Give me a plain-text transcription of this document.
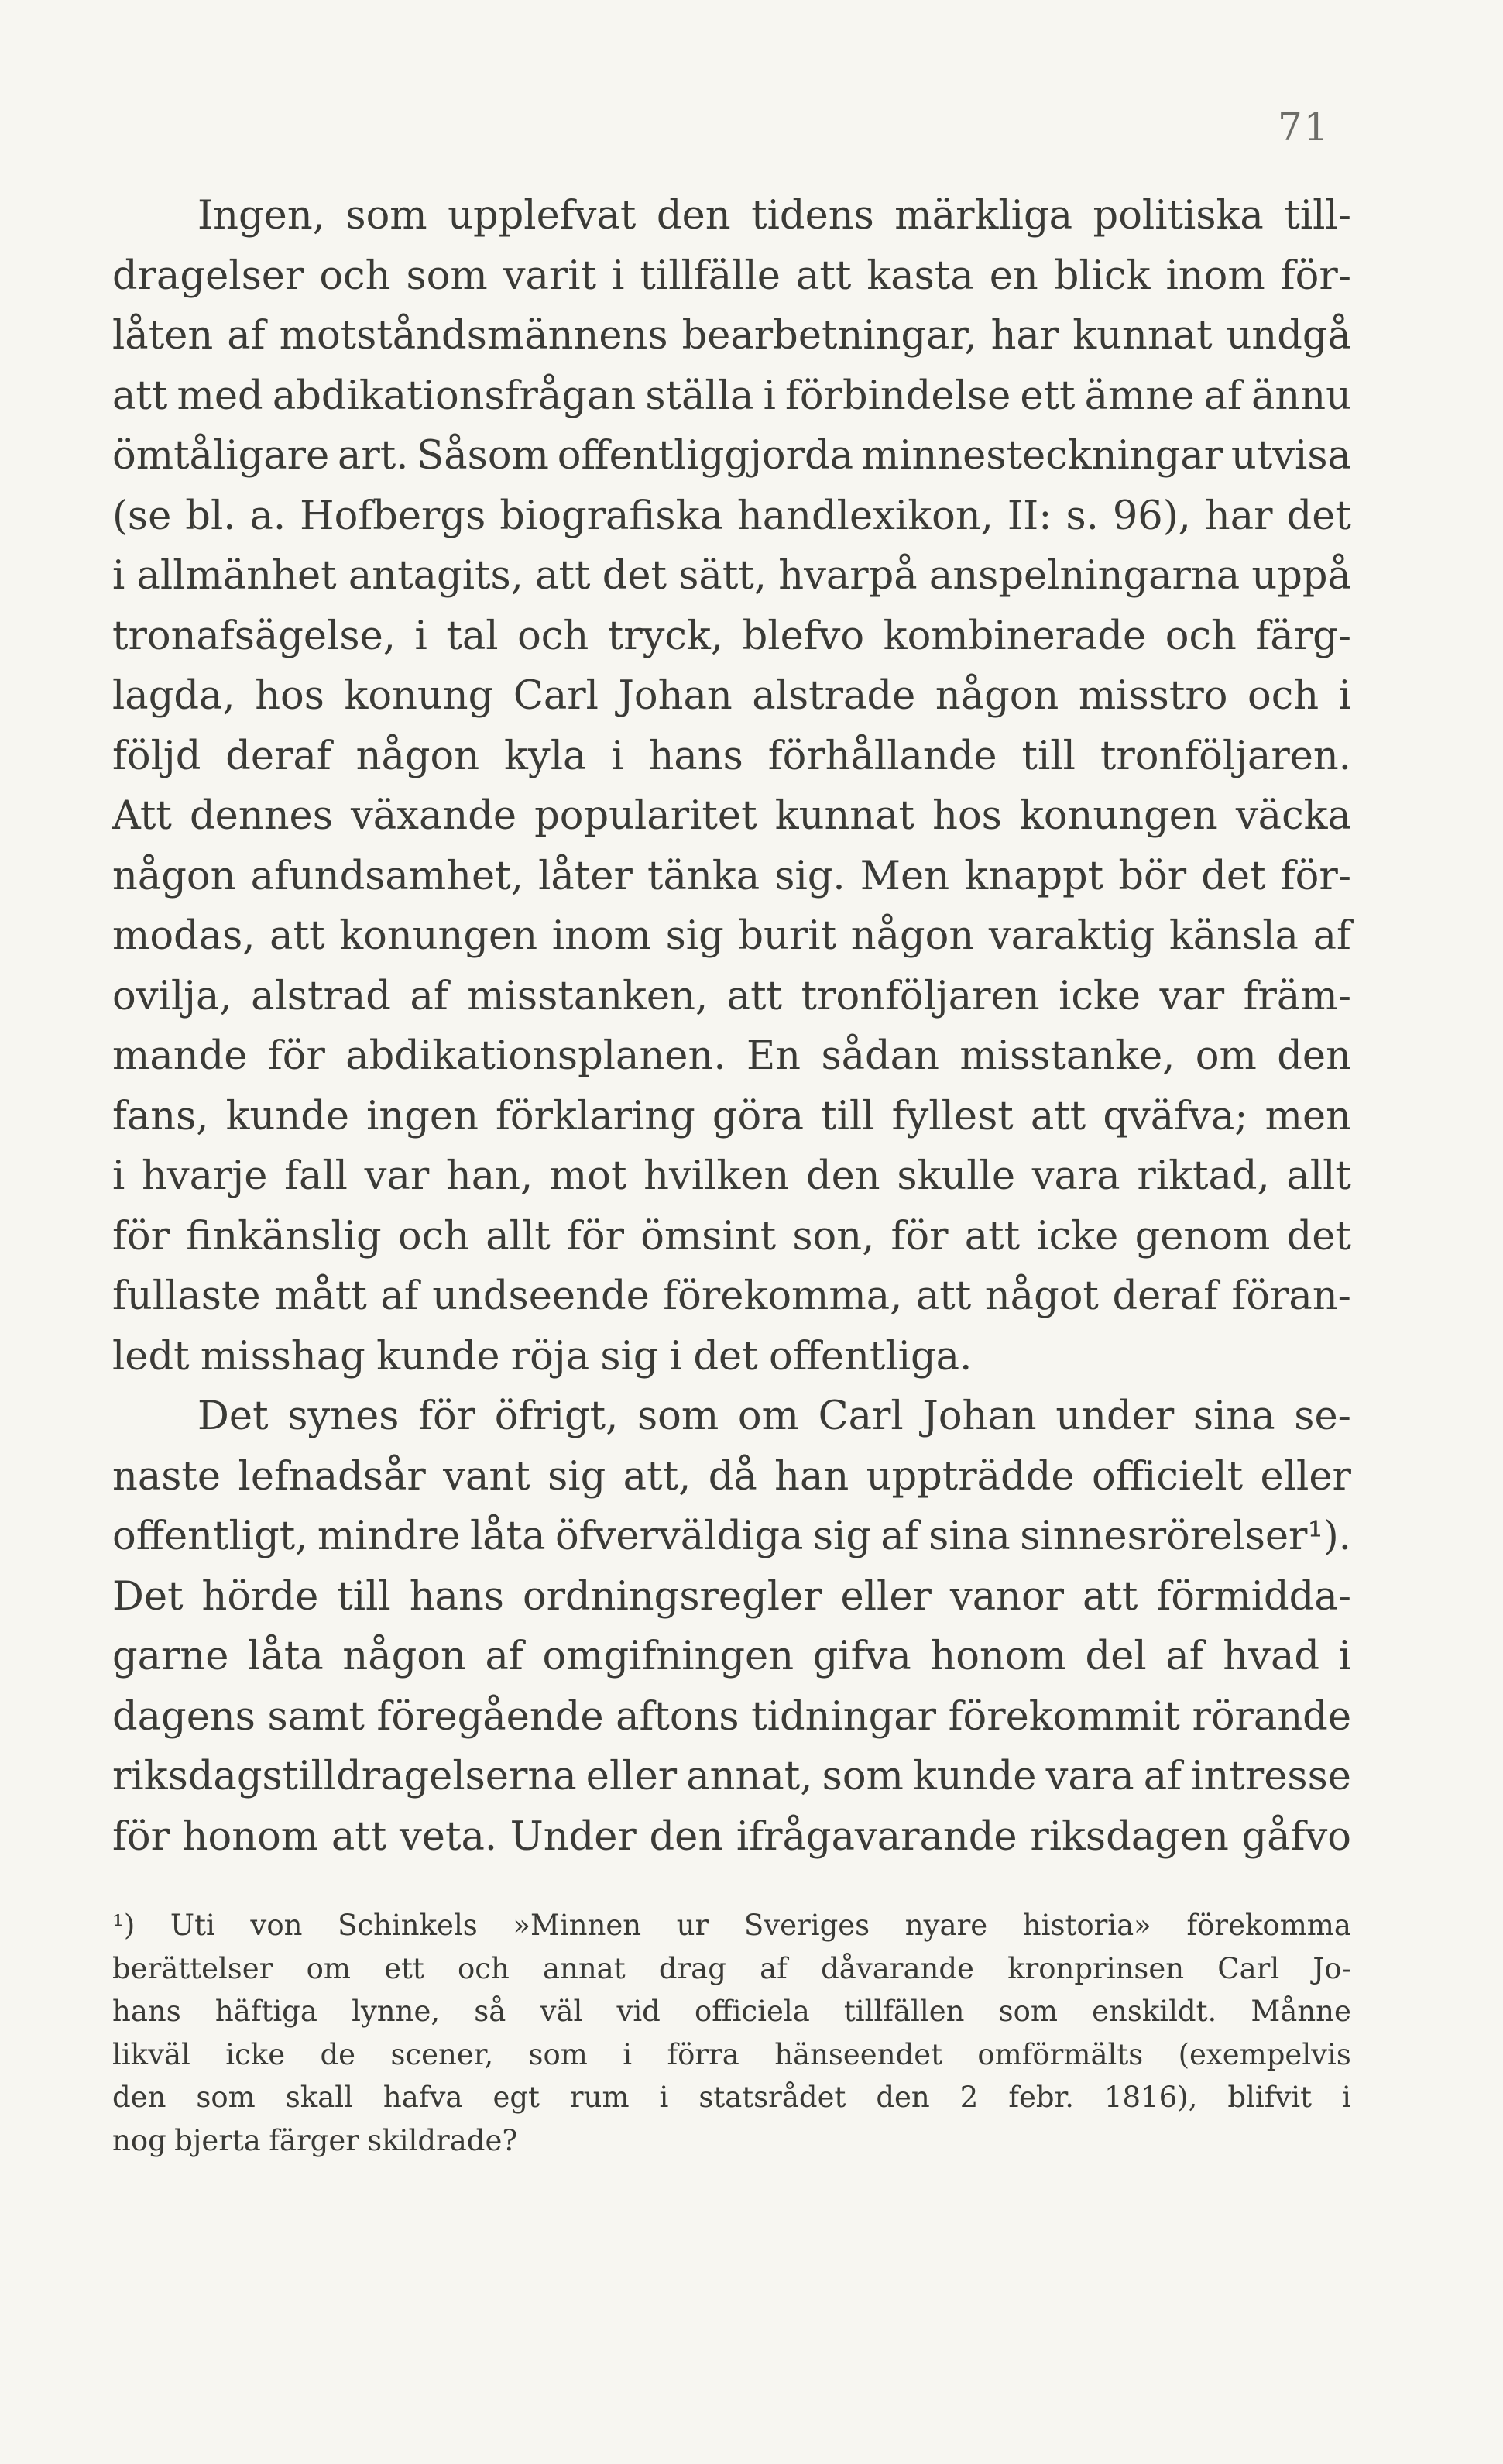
71
Ingen, som upplefvat den tidens märkliga politiska till-
dragelser och som varit i tillfälle att kasta en blick inom för-
låten af motståndsmännens bearbetningar, har kunnat undgå
att med abdikationsfrågan ställa i förbindelse ett ämne af ännu
ömtåligare art. Såsom offentliggjorda minnesteckningar utvisa
(se bl. a. Hofbergs biografiska handlexikon, II: s. 96), har det
i allmänhet antagits, att det sätt, hvarpå anspelningarna uppå
tronafsägelse, i tal och tryck, blefvo kombinerade och färg-
lagda, hos konung Carl Johan alstrade någon misstro och i
följd deraf någon kyla i hans förhållande till tronföljaren.
Att dennes växande popularitet kunnat hos konungen väcka
någon afundsamhet, låter tänka sig. Men knappt bör det för-
modas, att konungen inom sig burit någon varaktig känsla af
ovilja, alstrad af misstanken, att tronföljaren icke var främ-
mande för abdikationsplanen. En sådan misstanke, om den
fans, kunde ingen förklaring göra till fyllest att qväfva; men
i hvarje fall var han, mot hvilken den skulle vara riktad, allt
för finkänslig och allt för ömsint son, för att icke genom det
fullaste mått af undseende förekomma, att något deraf föran-
ledt misshag kunde röja sig i det offentliga.
Det synes för öfrigt, som om Carl Johan under sina se-
naste lefnadsår vant sig att, då han uppträdde officielt eller
offentligt, mindre låta öfverväldiga sig af sina sinnesrörelser¹).
Det hörde till hans ordningsregler eller vanor att förmidda-
garne låta någon af omgifningen gifva honom del af hvad i
dagens samt föregående aftons tidningar förekommit rörande
riksdagstilldragelserna eller annat, som kunde vara af intresse
för honom att veta. Under den ifrågavarande riksdagen gåfvo
¹) Uti von Schinkels »Minnen ur Sveriges nyare historia» förekomma
berättelser om ett och annat drag af dåvarande kronprinsen Carl Jo-
hans häftiga lynne, så väl vid officiela tillfällen som enskildt. Månne
likväl icke de scener, som i förra hänseendet omförmälts (exempelvis
den som skall hafva egt rum i statsrådet den 2 febr. 1816), blifvit i
nog bjerta färger skildrade?
